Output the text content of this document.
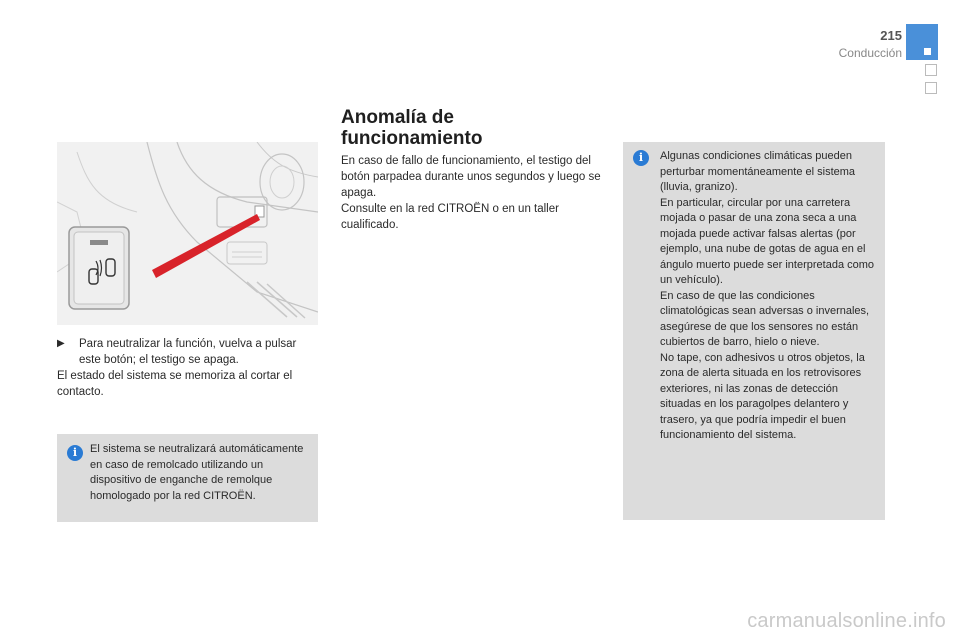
215
Conducción
▶	Para neutralizar la función, vuelva a pulsar este botón; el testigo se apaga.
El estado del sistema se memoriza al cortar el contacto.
i	El sistema se neutralizará automáticamente en caso de remolcado utilizando un dispositivo de enganche de remolque homologado por la red CITROËN.
Anomalía de
funcionamiento
En caso de fallo de funcionamiento, el testigo del botón parpadea durante unos segundos y luego se apaga.
Consulte en la red CITROËN o en un taller cualificado.
i	Algunas condiciones climáticas pueden perturbar momentáneamente el sistema (lluvia, granizo).
En particular, circular por una carretera mojada o pasar de una zona seca a una mojada puede activar falsas alertas (por ejemplo, una nube de gotas de agua en el ángulo muerto puede ser interpretada como un vehículo).
En caso de que las condiciones climatológicas sean adversas o invernales, asegúrese de que los sensores no están cubiertos de barro, hielo o nieve.
No tape, con adhesivos u otros objetos, la zona de alerta situada en los retrovisores exteriores, ni las zonas de detección situadas en los paragolpes delantero y trasero, ya que podría impedir el buen funcionamiento del sistema.
carmanualsonline.info
